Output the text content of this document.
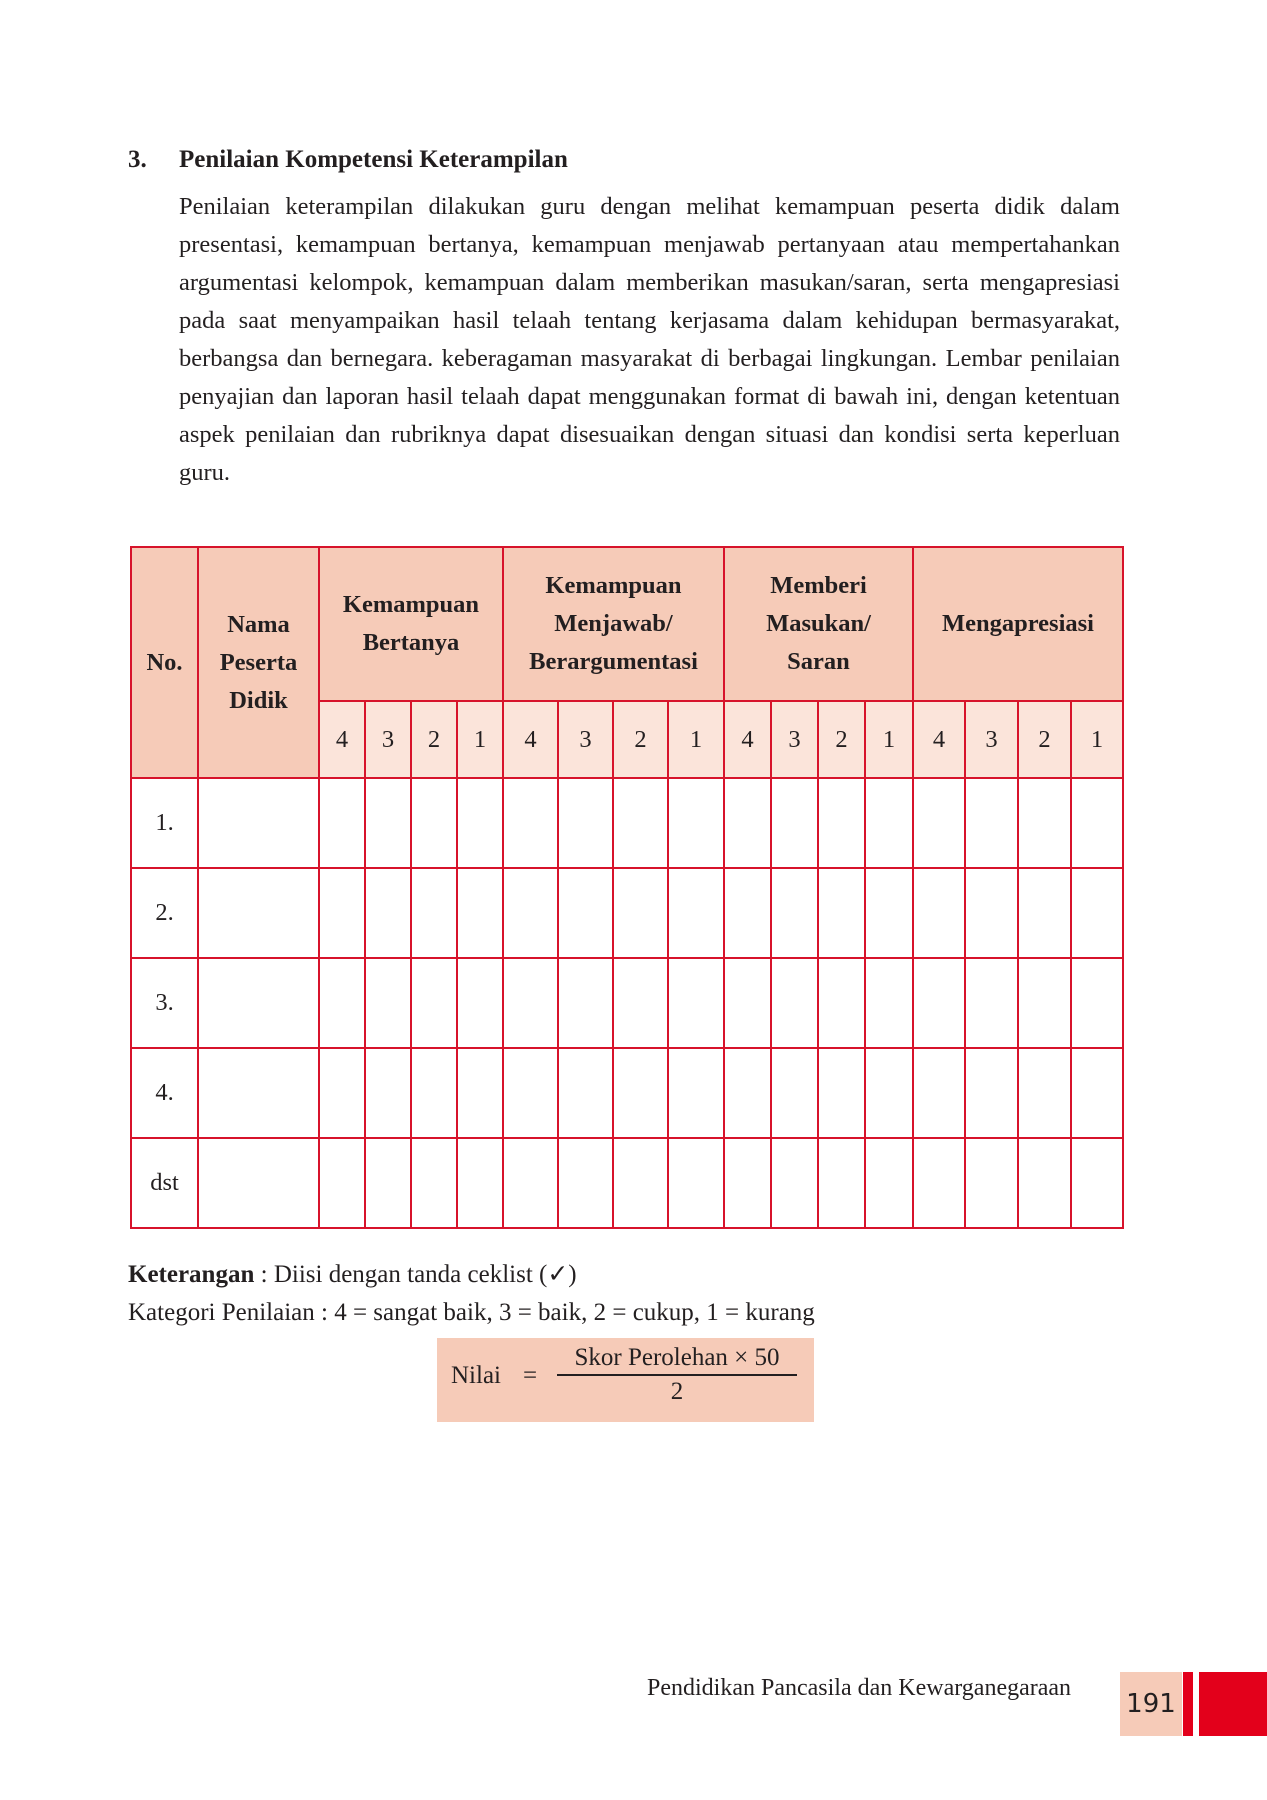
3. Penilaian Kompetensi Keterampilan
Penilaian keterampilan dilakukan guru dengan melihat kemampuan peserta didik dalam presentasi, kemampuan bertanya, kemampuan menjawab pertanyaan atau mempertahankan argumentasi kelompok, kemampuan dalam memberikan masukan/saran, serta mengapresiasi pada saat menyampaikan hasil telaah tentang kerjasama dalam kehidupan bermasyarakat, berbangsa dan bernegara. keberagaman masyarakat di berbagai lingkungan. Lembar penilaian penyajian dan laporan hasil telaah dapat menggunakan format di bawah ini, dengan ketentuan aspek penilaian dan rubriknya dapat disesuaikan dengan situasi dan kondisi serta keperluan guru.
No.	Nama Peserta Didik	Kemampuan Bertanya				Kemampuan Menjawab/ Berargumentasi				Memberi Masukan/ Saran				Mengapresiasi			
		4	3	2	1	4	3	2	1	4	3	2	1	4	3	2	1
1.																	
2.																	
3.																	
4.																	
dst																	
Keterangan : Diisi dengan tanda ceklist (✓)
Kategori Penilaian : 4 = sangat baik, 3 = baik, 2 = cukup, 1 = kurang
Nilai =
Skor Perolehan × 50
2
Pendidikan Pancasila dan Kewarganegaraan
191
